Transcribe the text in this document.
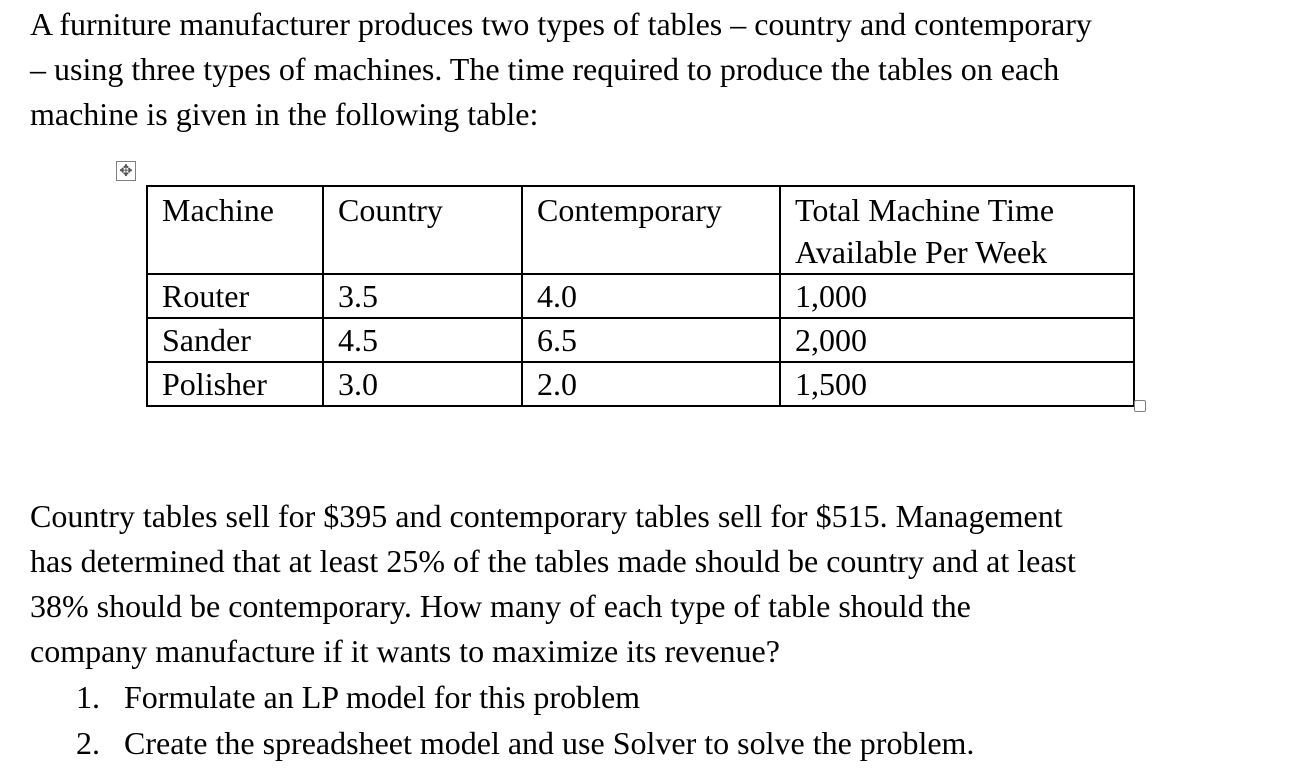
A furniture manufacturer produces two types of tables – country and contemporary
– using three types of machines. The time required to produce the tables on each
machine is given in the following table:
✥
Machine	Country	Contemporary	Total Machine Time
Available Per Week

Router	3.5	4.0	1,000
Sander	4.5	6.5	2,000
Polisher	3.0	2.0	1,500
Country tables sell for $395 and contemporary tables sell for $515. Management
has determined that at least 25% of the tables made should be country and at least
38% should be contemporary. How many of each type of table should the
company manufacture if it wants to maximize its revenue?
1. Formulate an LP model for this problem
2. Create the spreadsheet model and use Solver to solve the problem.
